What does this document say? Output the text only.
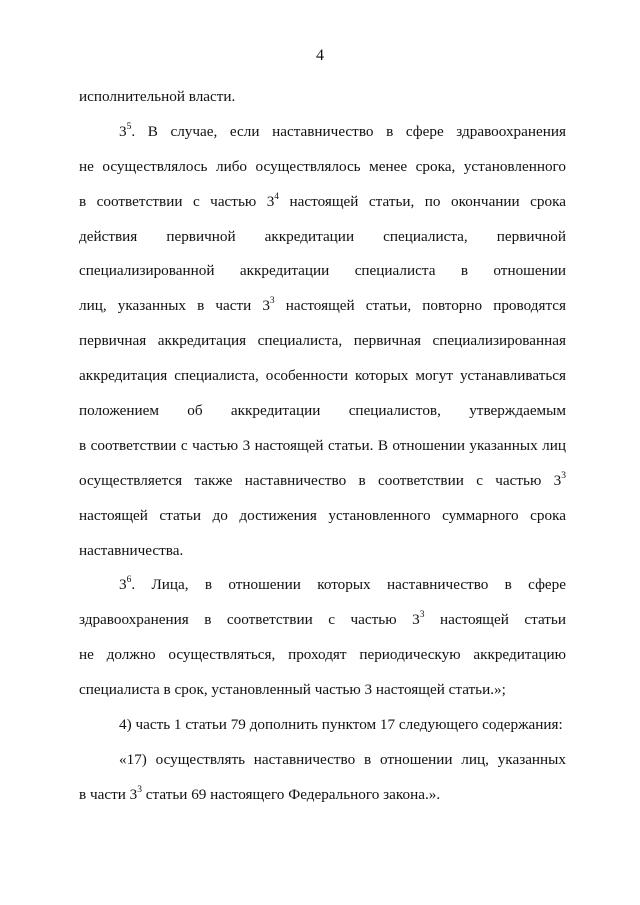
4
исполнительной власти.
$3^5$. В случае, если наставничество в сфере здравоохранения
не осуществлялось либо осуществлялось менее срока, установленного
в соответствии с частью $3^4$ настоящей статьи, по окончании срока
действия первичной аккредитации специалиста, первичной
специализированной аккредитации специалиста в отношении
лиц, указанных в части $3^3$ настоящей статьи, повторно проводятся
первичная аккредитация специалиста, первичная специализированная
аккредитация специалиста, особенности которых могут устанавливаться
положением об аккредитации специалистов, утверждаемым
в соответствии с частью 3 настоящей статьи. В отношении указанных лиц
осуществляется также наставничество в соответствии с частью $3^3$
настоящей статьи до достижения установленного суммарного срока
наставничества.
$3^6$. Лица, в отношении которых наставничество в сфере
здравоохранения в соответствии с частью $3^3$ настоящей статьи
не должно осуществляться, проходят периодическую аккредитацию
специалиста в срок, установленный частью 3 настоящей статьи.»;
4) часть 1 статьи 79 дополнить пунктом 17 следующего содержания:
«17) осуществлять наставничество в отношении лиц, указанных
в части $3^3$ статьи 69 настоящего Федерального закона.».
